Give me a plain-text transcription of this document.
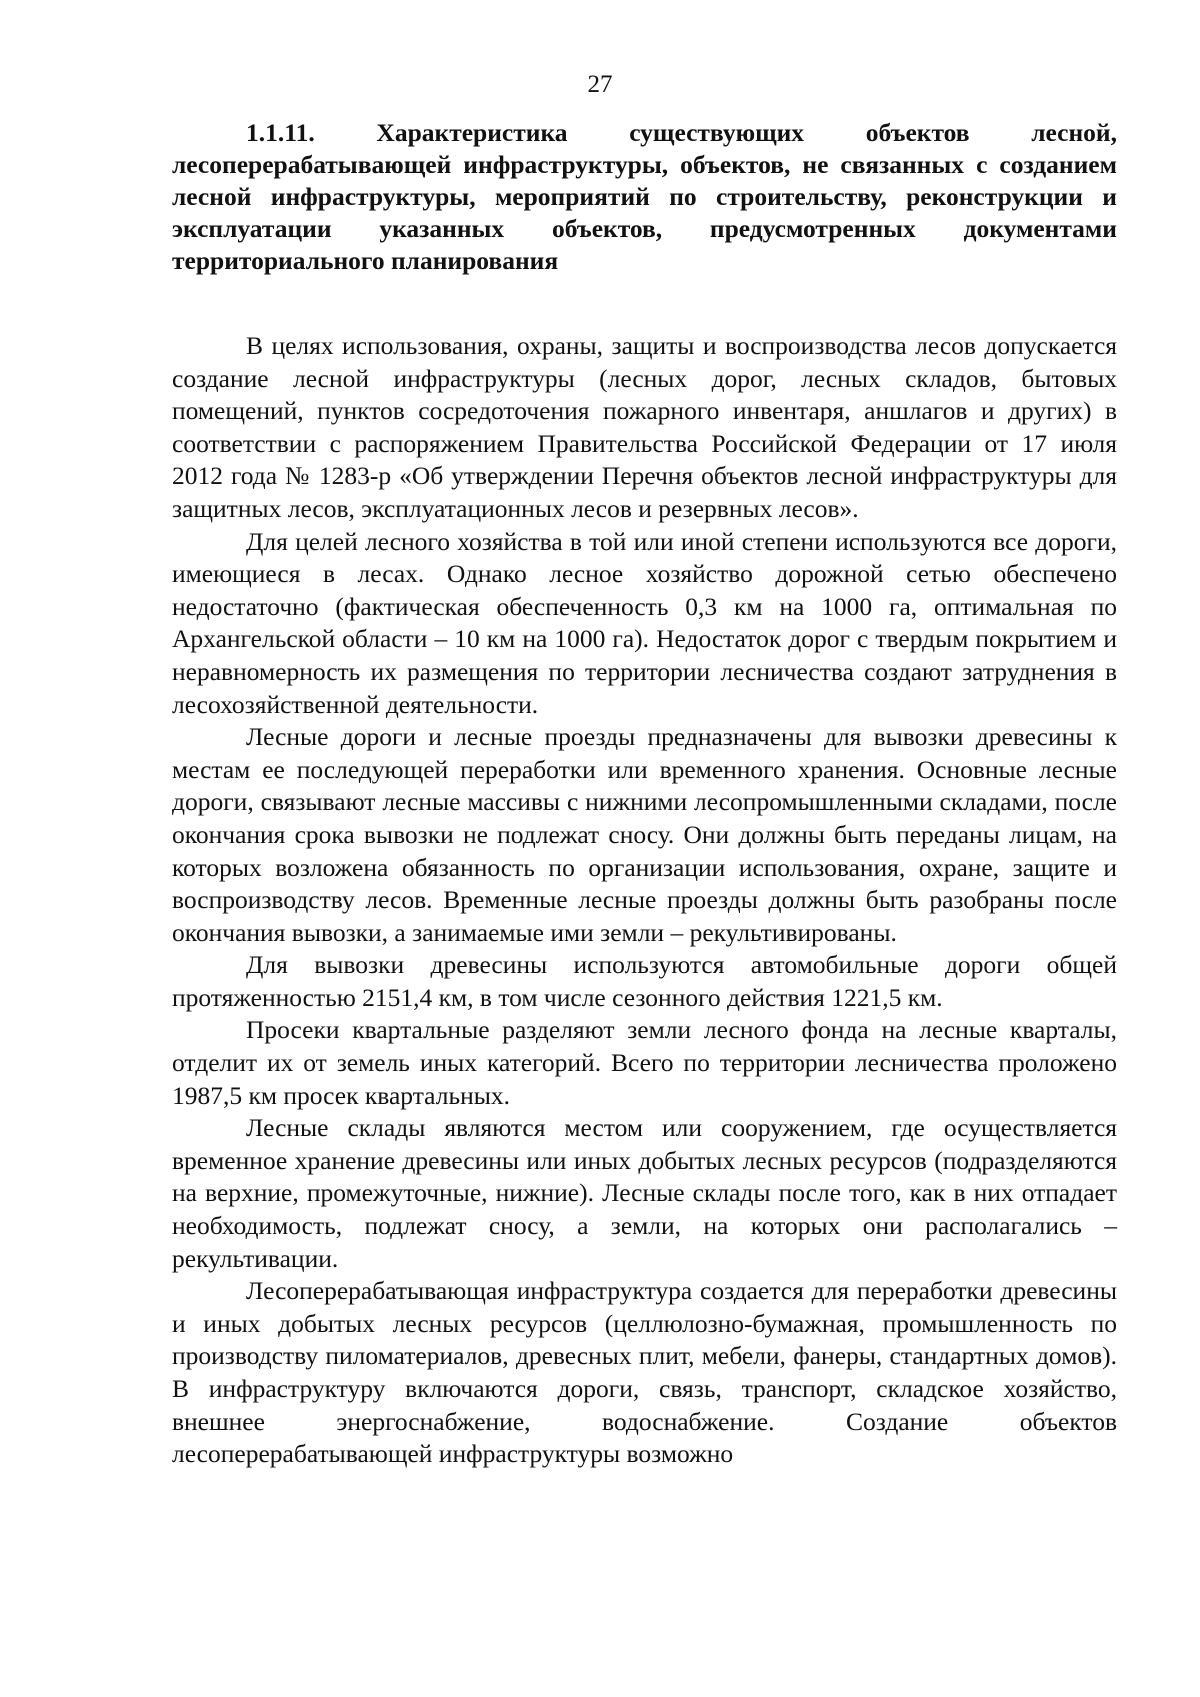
27

1.1.11. Характеристика существующих объектов лесной, лесоперерабатывающей инфраструктуры, объектов, не связанных с созданием лесной инфраструктуры, мероприятий по строительству, реконструкции и эксплуатации указанных объектов, предусмотренных документами территориального планирования

В целях использования, охраны, защиты и воспроизводства лесов допускается создание лесной инфраструктуры (лесных дорог, лесных складов, бытовых помещений, пунктов сосредоточения пожарного инвентаря, аншлагов и других) в соответствии с распоряжением Правительства Российской Федерации от 17 июля 2012 года № 1283-р «Об утверждении Перечня объектов лесной инфраструктуры для защитных лесов, эксплуатационных лесов и резервных лесов».

Для целей лесного хозяйства в той или иной степени используются все дороги, имеющиеся в лесах. Однако лесное хозяйство дорожной сетью обеспечено недостаточно (фактическая обеспеченность 0,3 км на 1000 га, оптимальная по Архангельской области – 10 км на 1000 га). Недостаток дорог с твердым покрытием и неравномерность их размещения по территории лесничества создают затруднения в лесохозяйственной деятельности.

Лесные дороги и лесные проезды предназначены для вывозки древесины к местам ее последующей переработки или временного хранения. Основные лесные дороги, связывают лесные массивы с нижними лесопромышленными складами, после окончания срока вывозки не подлежат сносу. Они должны быть переданы лицам, на которых возложена обязанность по организации использования, охране, защите и воспроизводству лесов. Временные лесные проезды должны быть разобраны после окончания вывозки, а занимаемые ими земли – рекультивированы.

Для вывозки древесины используются автомобильные дороги общей протяженностью 2151,4 км, в том числе сезонного действия 1221,5 км.

Просеки квартальные разделяют земли лесного фонда на лесные кварталы, отделит их от земель иных категорий. Всего по территории лесничества проложено 1987,5 км просек квартальных.

Лесные склады являются местом или сооружением, где осуществляется временное хранение древесины или иных добытых лесных ресурсов (подразделяются на верхние, промежуточные, нижние). Лесные склады после того, как в них отпадает необходимость, подлежат сносу, а земли, на которых они располагались – рекультивации.

Лесоперерабатывающая инфраструктура создается для переработки древесины и иных добытых лесных ресурсов (целлюлозно-бумажная, промышленность по производству пиломатериалов, древесных плит, мебели, фанеры, стандартных домов). В инфраструктуру включаются дороги, связь, транспорт, складское хозяйство, внешнее энергоснабжение, водоснабжение. Создание объектов лесоперерабатывающей инфраструктуры возможно
